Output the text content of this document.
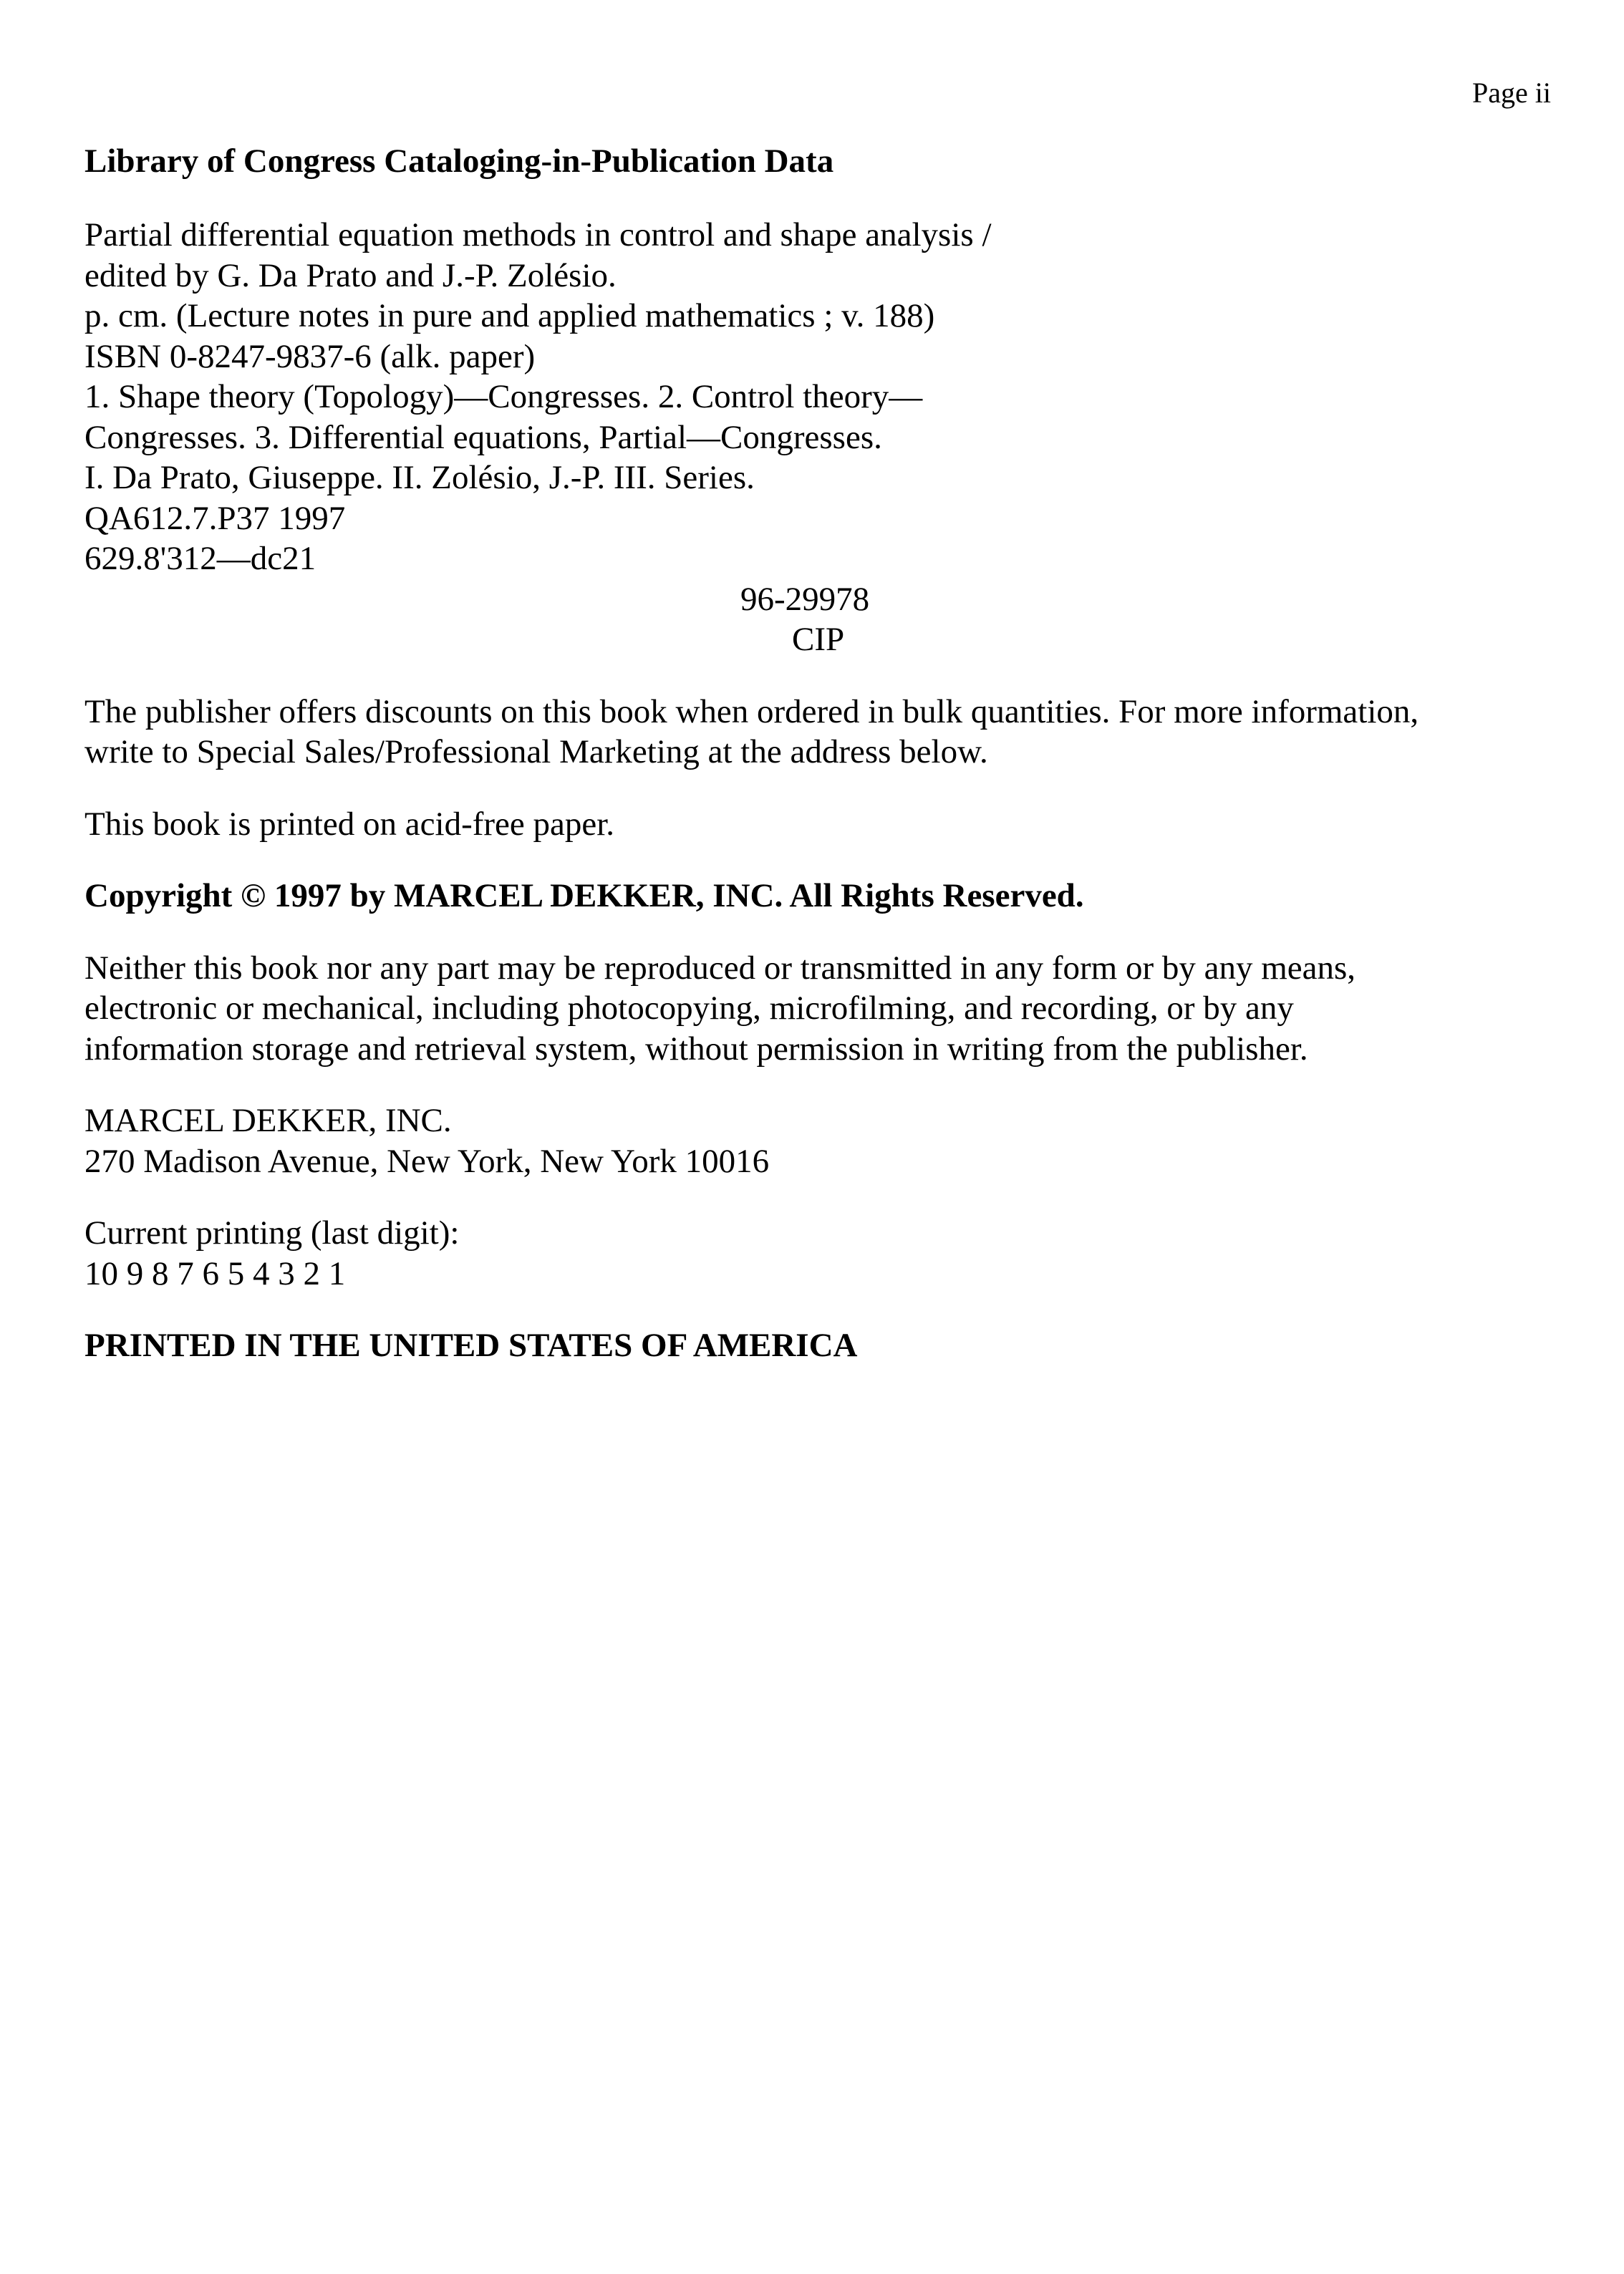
Page ii
Library of Congress Cataloging-in-Publication Data
Partial differential equation methods in control and shape analysis /
edited by G. Da Prato and J.-P. Zolésio.
p. cm. (Lecture notes in pure and applied mathematics ; v. 188)
ISBN 0-8247-9837-6 (alk. paper)
1. Shape theory (Topology)—Congresses. 2. Control theory—
Congresses. 3. Differential equations, Partial—Congresses.
I. Da Prato, Giuseppe. II. Zolésio, J.-P. III. Series.
QA612.7.P37 1997
629.8'312—dc21
96-29978
CIP
The publisher offers discounts on this book when ordered in bulk quantities. For more information,
write to Special Sales/Professional Marketing at the address below.
This book is printed on acid-free paper.
Copyright © 1997 by MARCEL DEKKER, INC. All Rights Reserved.
Neither this book nor any part may be reproduced or transmitted in any form or by any means,
electronic or mechanical, including photocopying, microfilming, and recording, or by any
information storage and retrieval system, without permission in writing from the publisher.
MARCEL DEKKER, INC.
270 Madison Avenue, New York, New York 10016
Current printing (last digit):
10 9 8 7 6 5 4 3 2 1
PRINTED IN THE UNITED STATES OF AMERICA
